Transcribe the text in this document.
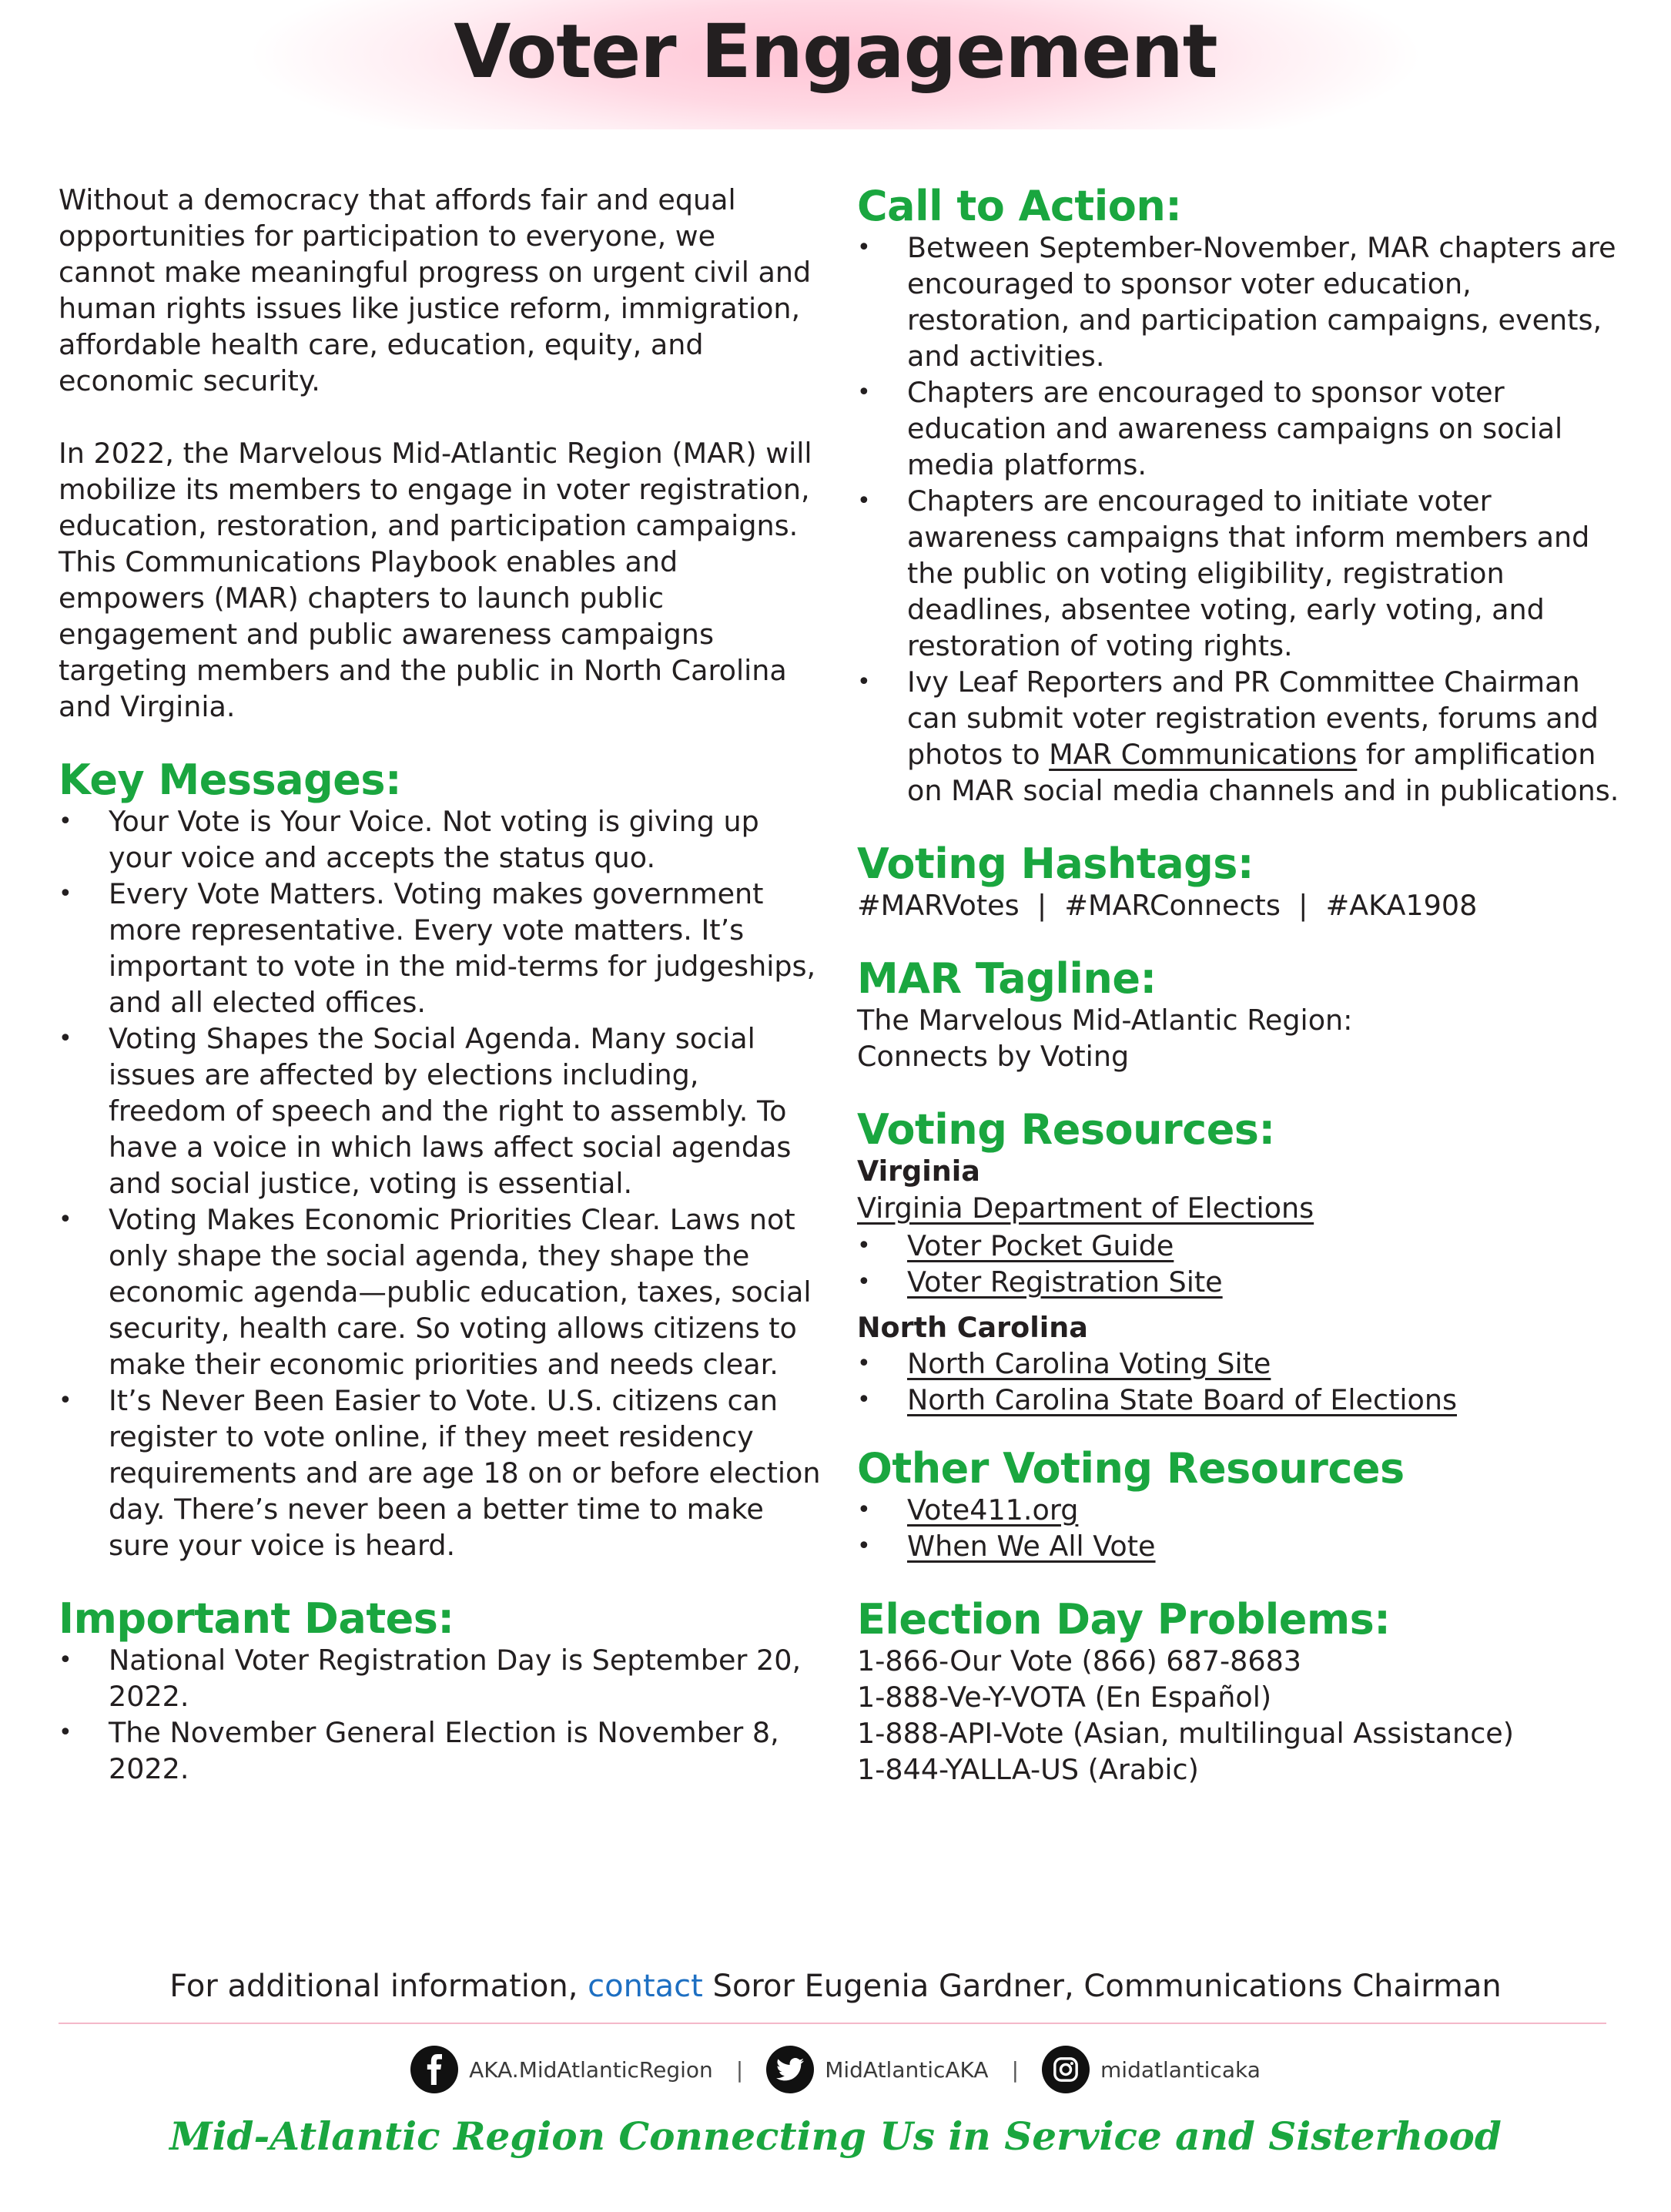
Voter Engagement

Without a democracy that affords fair and equal opportunities for participation to everyone, we cannot make meaningful progress on urgent civil and human rights issues like justice reform, immigration, affordable health care, education, equity, and economic security.

In 2022, the Marvelous Mid-Atlantic Region (MAR) will mobilize its members to engage in voter registration, education, restoration, and participation campaigns. This Communications Playbook enables and empowers (MAR) chapters to launch public engagement and public awareness campaigns targeting members and the public in North Carolina and Virginia.

Key Messages:
• Your Vote is Your Voice. Not voting is giving up your voice and accepts the status quo.
• Every Vote Matters. Voting makes government more representative. Every vote matters. It’s important to vote in the mid-terms for judgeships, and all elected offices.
• Voting Shapes the Social Agenda. Many social issues are affected by elections including, freedom of speech and the right to assembly. To have a voice in which laws affect social agendas and social justice, voting is essential.
• Voting Makes Economic Priorities Clear. Laws not only shape the social agenda, they shape the economic agenda—public education, taxes, social security, health care. So voting allows citizens to make their economic priorities and needs clear.
• It’s Never Been Easier to Vote. U.S. citizens can register to vote online, if they meet residency requirements and are age 18 on or before election day. There’s never been a better time to make sure your voice is heard.
Important Dates:
• National Voter Registration Day is September 20, 2022.
• The November General Election is November 8, 2022.
Call to Action:
• Between September-November, MAR chapters are encouraged to sponsor voter education, restoration, and participation campaigns, events, and activities.
• Chapters are encouraged to sponsor voter education and awareness campaigns on social media platforms.
• Chapters are encouraged to initiate voter awareness campaigns that inform members and the public on voting eligibility, registration deadlines, absentee voting, early voting, and restoration of voting rights.
• Ivy Leaf Reporters and PR Committee Chairman can submit voter registration events, forums and photos to MAR Communications for amplification on MAR social media channels and in publications.
Voting Hashtags:

#MARVotes  |  #MARConnects  |  #AKA1908

MAR Tagline:

The Marvelous Mid-Atlantic Region:

Connects by Voting

Voting Resources:
Virginia
Virginia Department of Elections
• Voter Pocket Guide
• Voter Registration Site
North Carolina
• North Carolina Voting Site
• North Carolina State Board of Elections
Other Voting Resources
• Vote411.org
• When We All Vote
Election Day Problems:

1-866-Our Vote (866) 687-8683

1-888-Ve-Y-VOTA (En Español)

1-888-API-Vote (Asian, multilingual Assistance)

1-844-YALLA-US (Arabic)

For additional information, contact Soror Eugenia Gardner, Communications Chairman
AKA.MidAtlanticRegion |	MidAtlanticAKA |	midatlanticaka
Mid-Atlantic Region Connecting Us in Service and Sisterhood
